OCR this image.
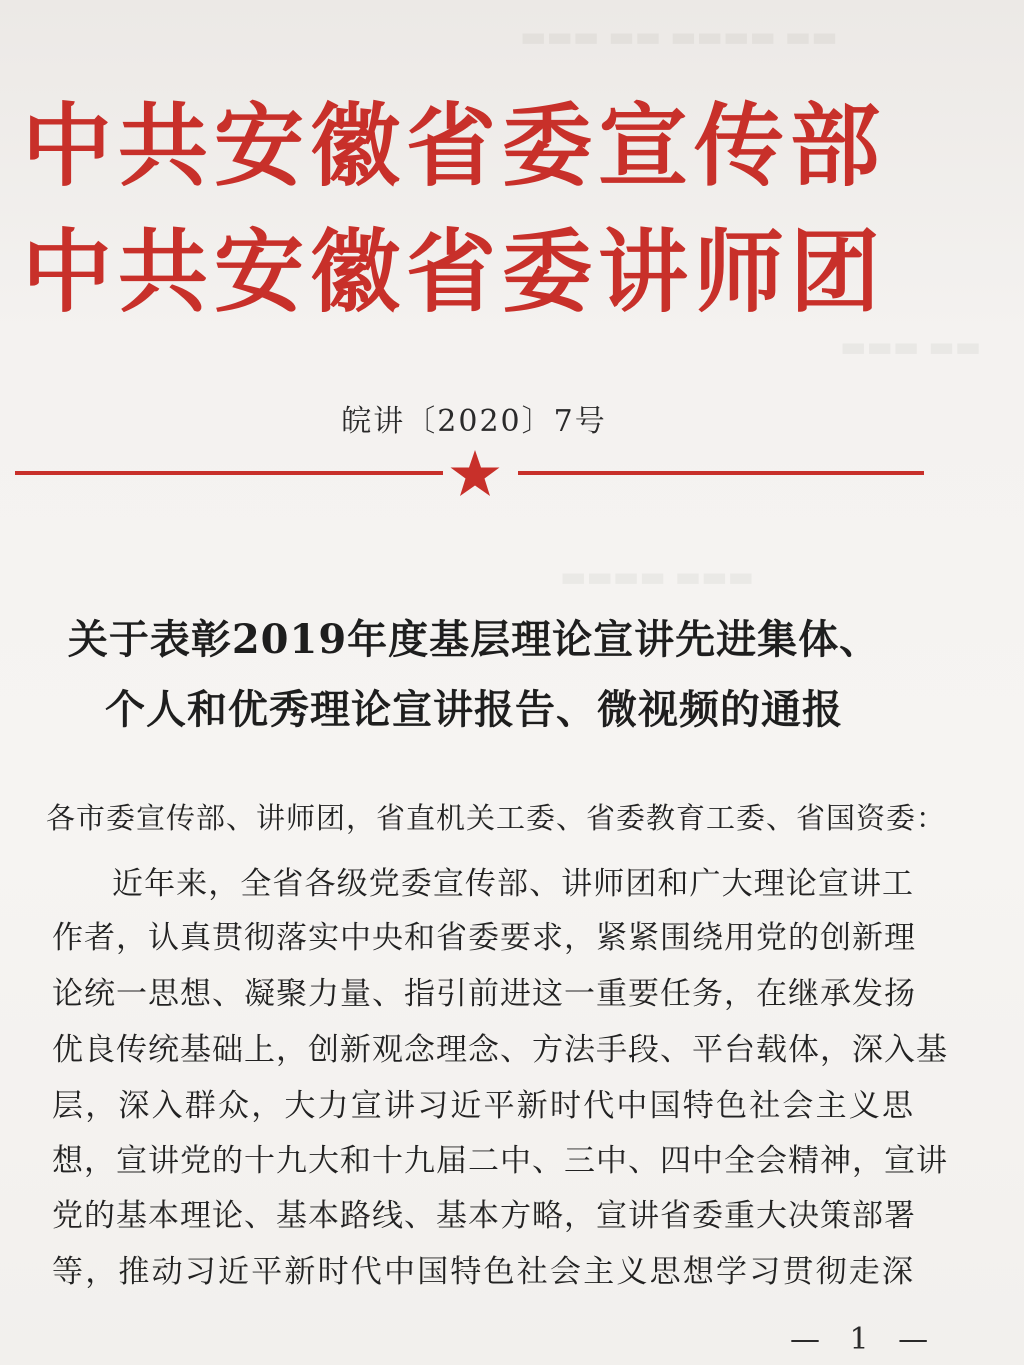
▬▬▬ ▬▬ ▬▬▬▬ ▬▬
▬▬▬ ▬▬
▬▬▬▬ ▬▬▬
中共安徽省委宣传部
中共安徽省委讲师团
皖讲〔2020〕7号
关于表彰2019年度基层理论宣讲先进集体、
个人和优秀理论宣讲报告、微视频的通报
各市委宣传部、讲师团，省直机关工委、省委教育工委、省国资委：
近年来，全省各级党委宣传部、讲师团和广大理论宣讲工
作者，认真贯彻落实中央和省委要求，紧紧围绕用党的创新理
论统一思想、凝聚力量、指引前进这一重要任务，在继承发扬
优良传统基础上，创新观念理念、方法手段、平台载体，深入基
层，深入群众，大力宣讲习近平新时代中国特色社会主义思
想，宣讲党的十九大和十九届二中、三中、四中全会精神，宣讲
党的基本理论、基本路线、基本方略，宣讲省委重大决策部署
等，推动习近平新时代中国特色社会主义思想学习贯彻走深
— 1 —
